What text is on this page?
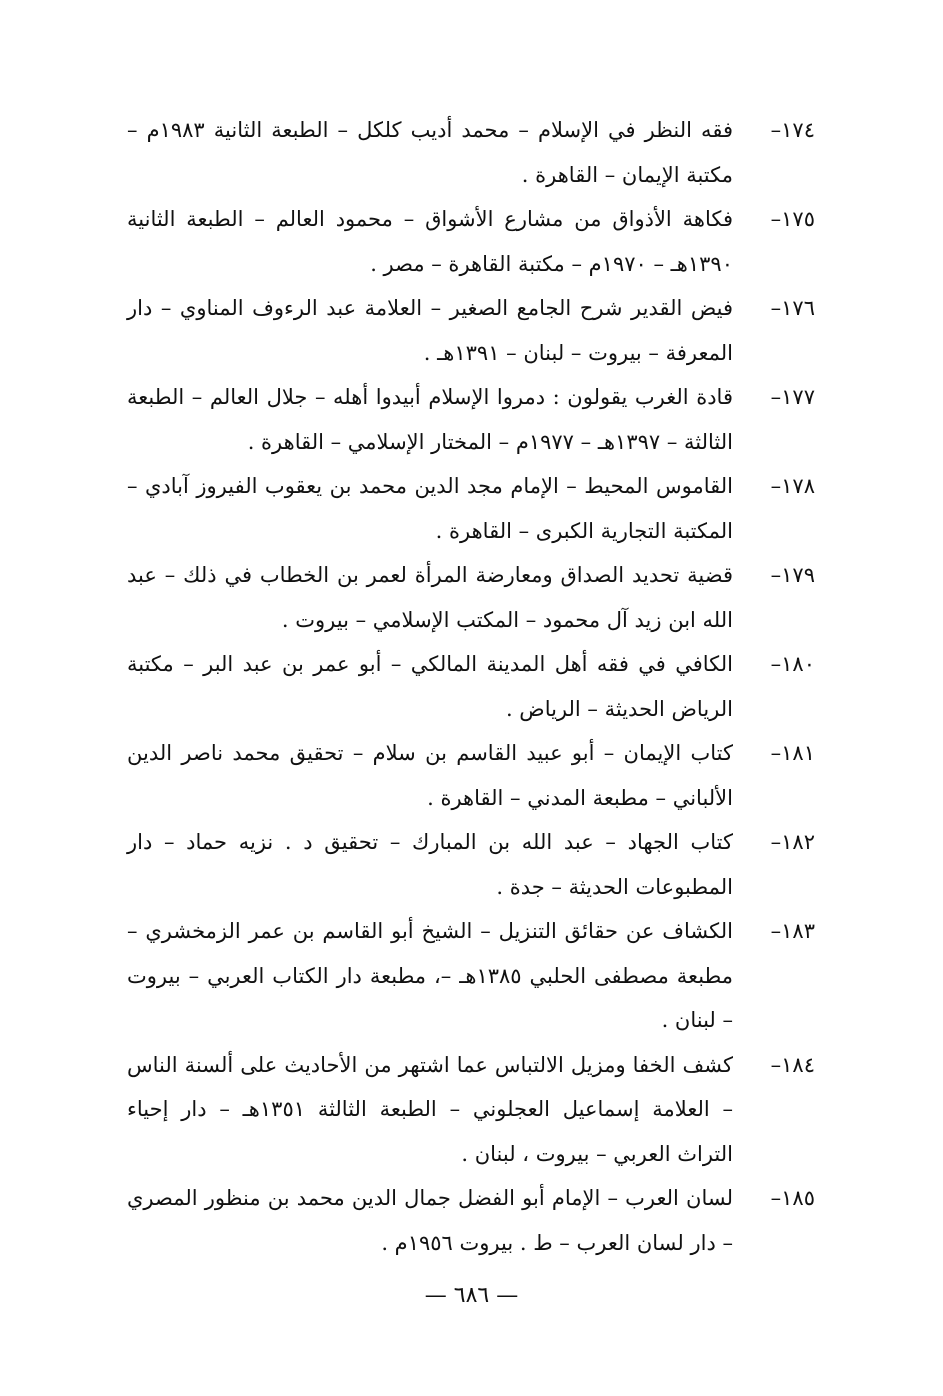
١٧٤–
فقه النظر في الإسلام – محمد أديب كلكل – الطبعة الثانية ١٩٨٣م – مكتبة الإيمان – القاهرة .
١٧٥–
فكاهة الأذواق من مشارع الأشواق – محمود العالم – الطبعة الثانية ١٣٩٠هـ – ١٩٧٠م – مكتبة القاهرة – مصر .
١٧٦–
فيض القدير شرح الجامع الصغير – العلامة عبد الرءوف المناوي – دار المعرفة – بيروت – لبنان – ١٣٩١هـ .
١٧٧–
قادة الغرب يقولون : دمروا الإسلام أبيدوا أهله – جلال العالم – الطبعة الثالثة – ١٣٩٧هـ – ١٩٧٧م – المختار الإسلامي – القاهرة .
١٧٨–
القاموس المحيط – الإمام مجد الدين محمد بن يعقوب الفيروز آبادي – المكتبة التجارية الكبرى – القاهرة .
١٧٩–
قضية تحديد الصداق ومعارضة المرأة لعمر بن الخطاب في ذلك – عبد الله ابن زيد آل محمود – المكتب الإسلامي – بيروت .
١٨٠–
الكافي في فقه أهل المدينة المالكي – أبو عمر بن عبد البر – مكتبة الرياض الحديثة – الرياض .
١٨١–
كتاب الإيمان – أبو عبيد القاسم بن سلام – تحقيق محمد ناصر الدين الألباني – مطبعة المدني – القاهرة .
١٨٢–
كتاب الجهاد – عبد الله بن المبارك – تحقيق د . نزيه حماد – دار المطبوعات الحديثة – جدة .
١٨٣–
الكشاف عن حقائق التنزيل – الشيخ أبو القاسم بن عمر الزمخشري – مطبعة مصطفى الحلبي ١٣٨٥هـ –، مطبعة دار الكتاب العربي – بيروت – لبنان .
١٨٤–
كشف الخفا ومزيل الالتباس عما اشتهر من الأحاديث على ألسنة الناس – العلامة إسماعيل العجلوني – الطبعة الثالثة ١٣٥١هـ – دار إحياء التراث العربي – بيروت ، لبنان .
١٨٥–
لسان العرب – الإمام أبو الفضل جمال الدين محمد بن منظور المصري – دار لسان العرب – ط . بيروت ١٩٥٦م .
— ٦٨٦ —
